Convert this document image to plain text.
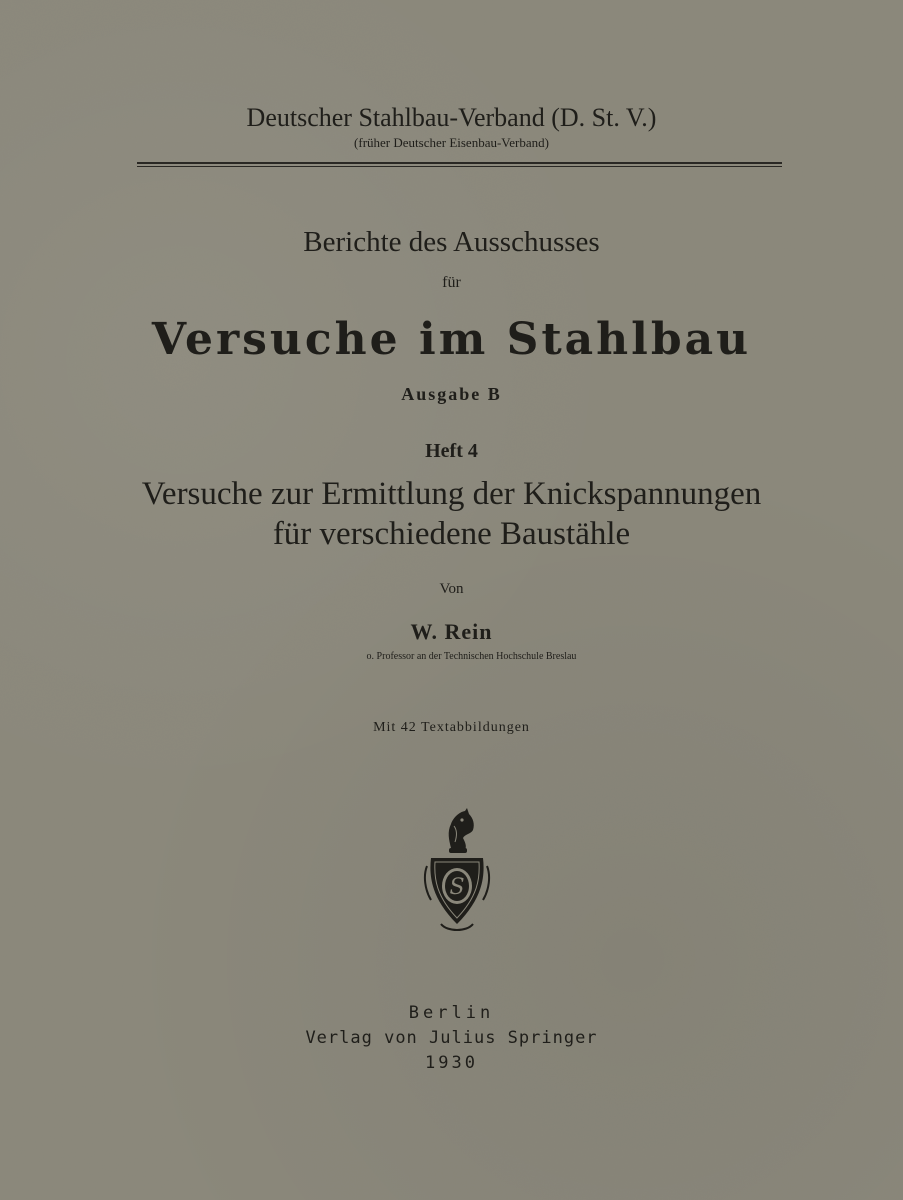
Deutscher Stahlbau-Verband (D. St. V.)
(früher Deutscher Eisenbau-Verband)
Berichte des Ausschusses
für
Versuche im Stahlbau
Ausgabe B
Heft 4
Versuche zur Ermittlung der Knickspannungen
für verschiedene Baustähle
Von
W. Rein
o. Professor an der Technischen Hochschule Breslau
Mit 42 Textabbildungen
S
Berlin
Verlag von Julius Springer
1930
